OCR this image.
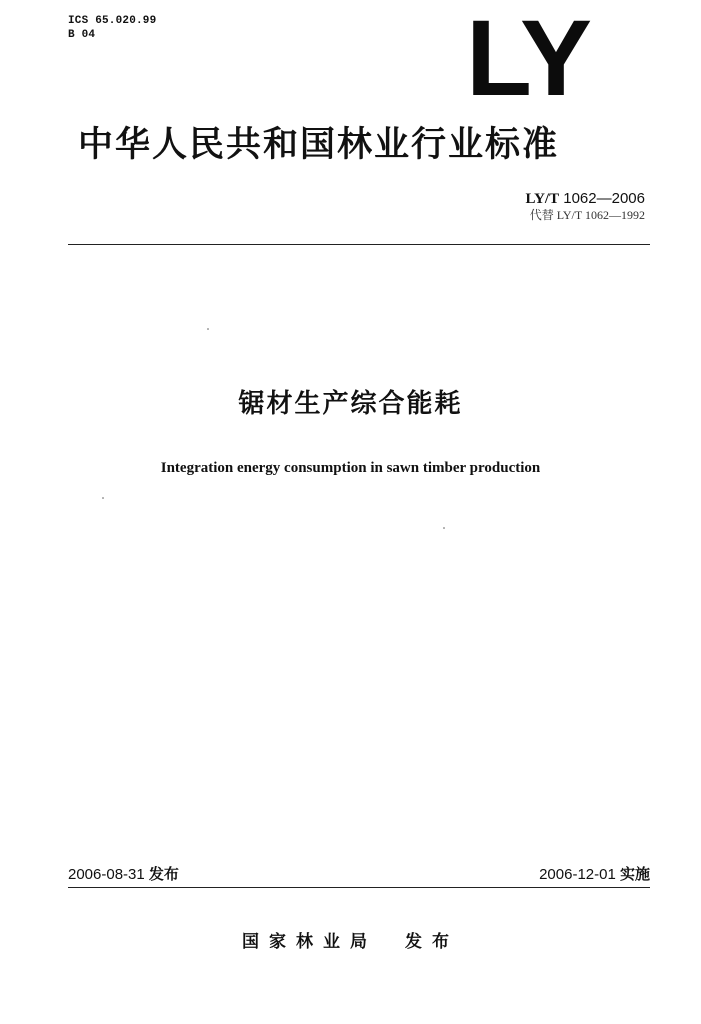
ICS 65.020.99
B 04	LY
中华人民共和国林业行业标准
LY/T 1062—2006
代替 LY/T 1062—1992
锯材生产综合能耗
Integration energy consumption in sawn timber production
2006-08-31 发布	2006-12-01 实施
国家林业局 发布
